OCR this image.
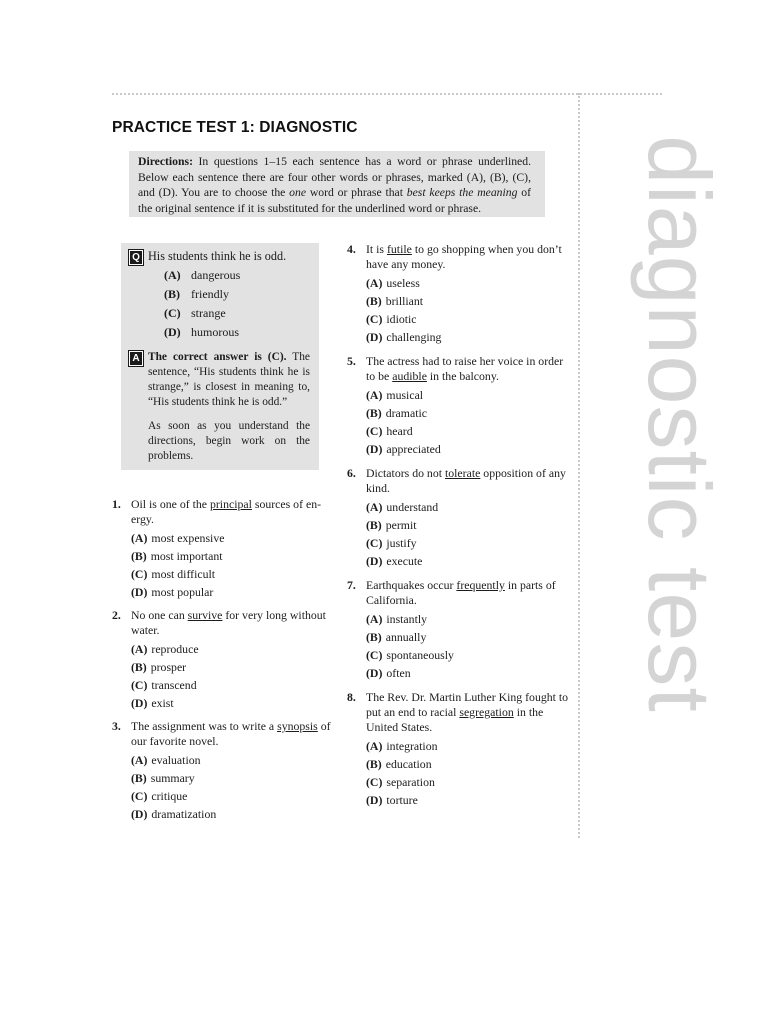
diagnostic test
PRACTICE TEST 1: DIAGNOSTIC
Directions: In questions 1–15 each sentence has a word or phrase underlined. Below each sentence there are four other words or phrases, marked (A), (B), (C), and (D). You are to choose the one word or phrase that best keeps the meaning of the original sentence if it is substituted for the underlined word or phrase.
Q His students think he is odd.
(A) dangerous
(B) friendly
(C) strange
(D) humorous
A The correct answer is (C). The sentence, “His students think he is strange,” is closest in meaning to, “His students think he is odd.”
As soon as you understand the directions, begin work on the problems.
1. Oil is one of the principal sources of en-ergy.
(A) most expensive
(B) most important
(C) most difficult
(D) most popular
2. No one can survive for very long without water.
(A) reproduce
(B) prosper
(C) transcend
(D) exist
3. The assignment was to write a synopsis of our favorite novel.
(A) evaluation
(B) summary
(C) critique
(D) dramatization
4. It is futile to go shopping when you don’t have any money.
(A) useless
(B) brilliant
(C) idiotic
(D) challenging
5. The actress had to raise her voice in order to be audible in the balcony.
(A) musical
(B) dramatic
(C) heard
(D) appreciated
6. Dictators do not tolerate opposition of any kind.
(A) understand
(B) permit
(C) justify
(D) execute
7. Earthquakes occur frequently in parts of California.
(A) instantly
(B) annually
(C) spontaneously
(D) often
8. The Rev. Dr. Martin Luther King fought to put an end to racial segregation in the United States.
(A) integration
(B) education
(C) separation
(D) torture
